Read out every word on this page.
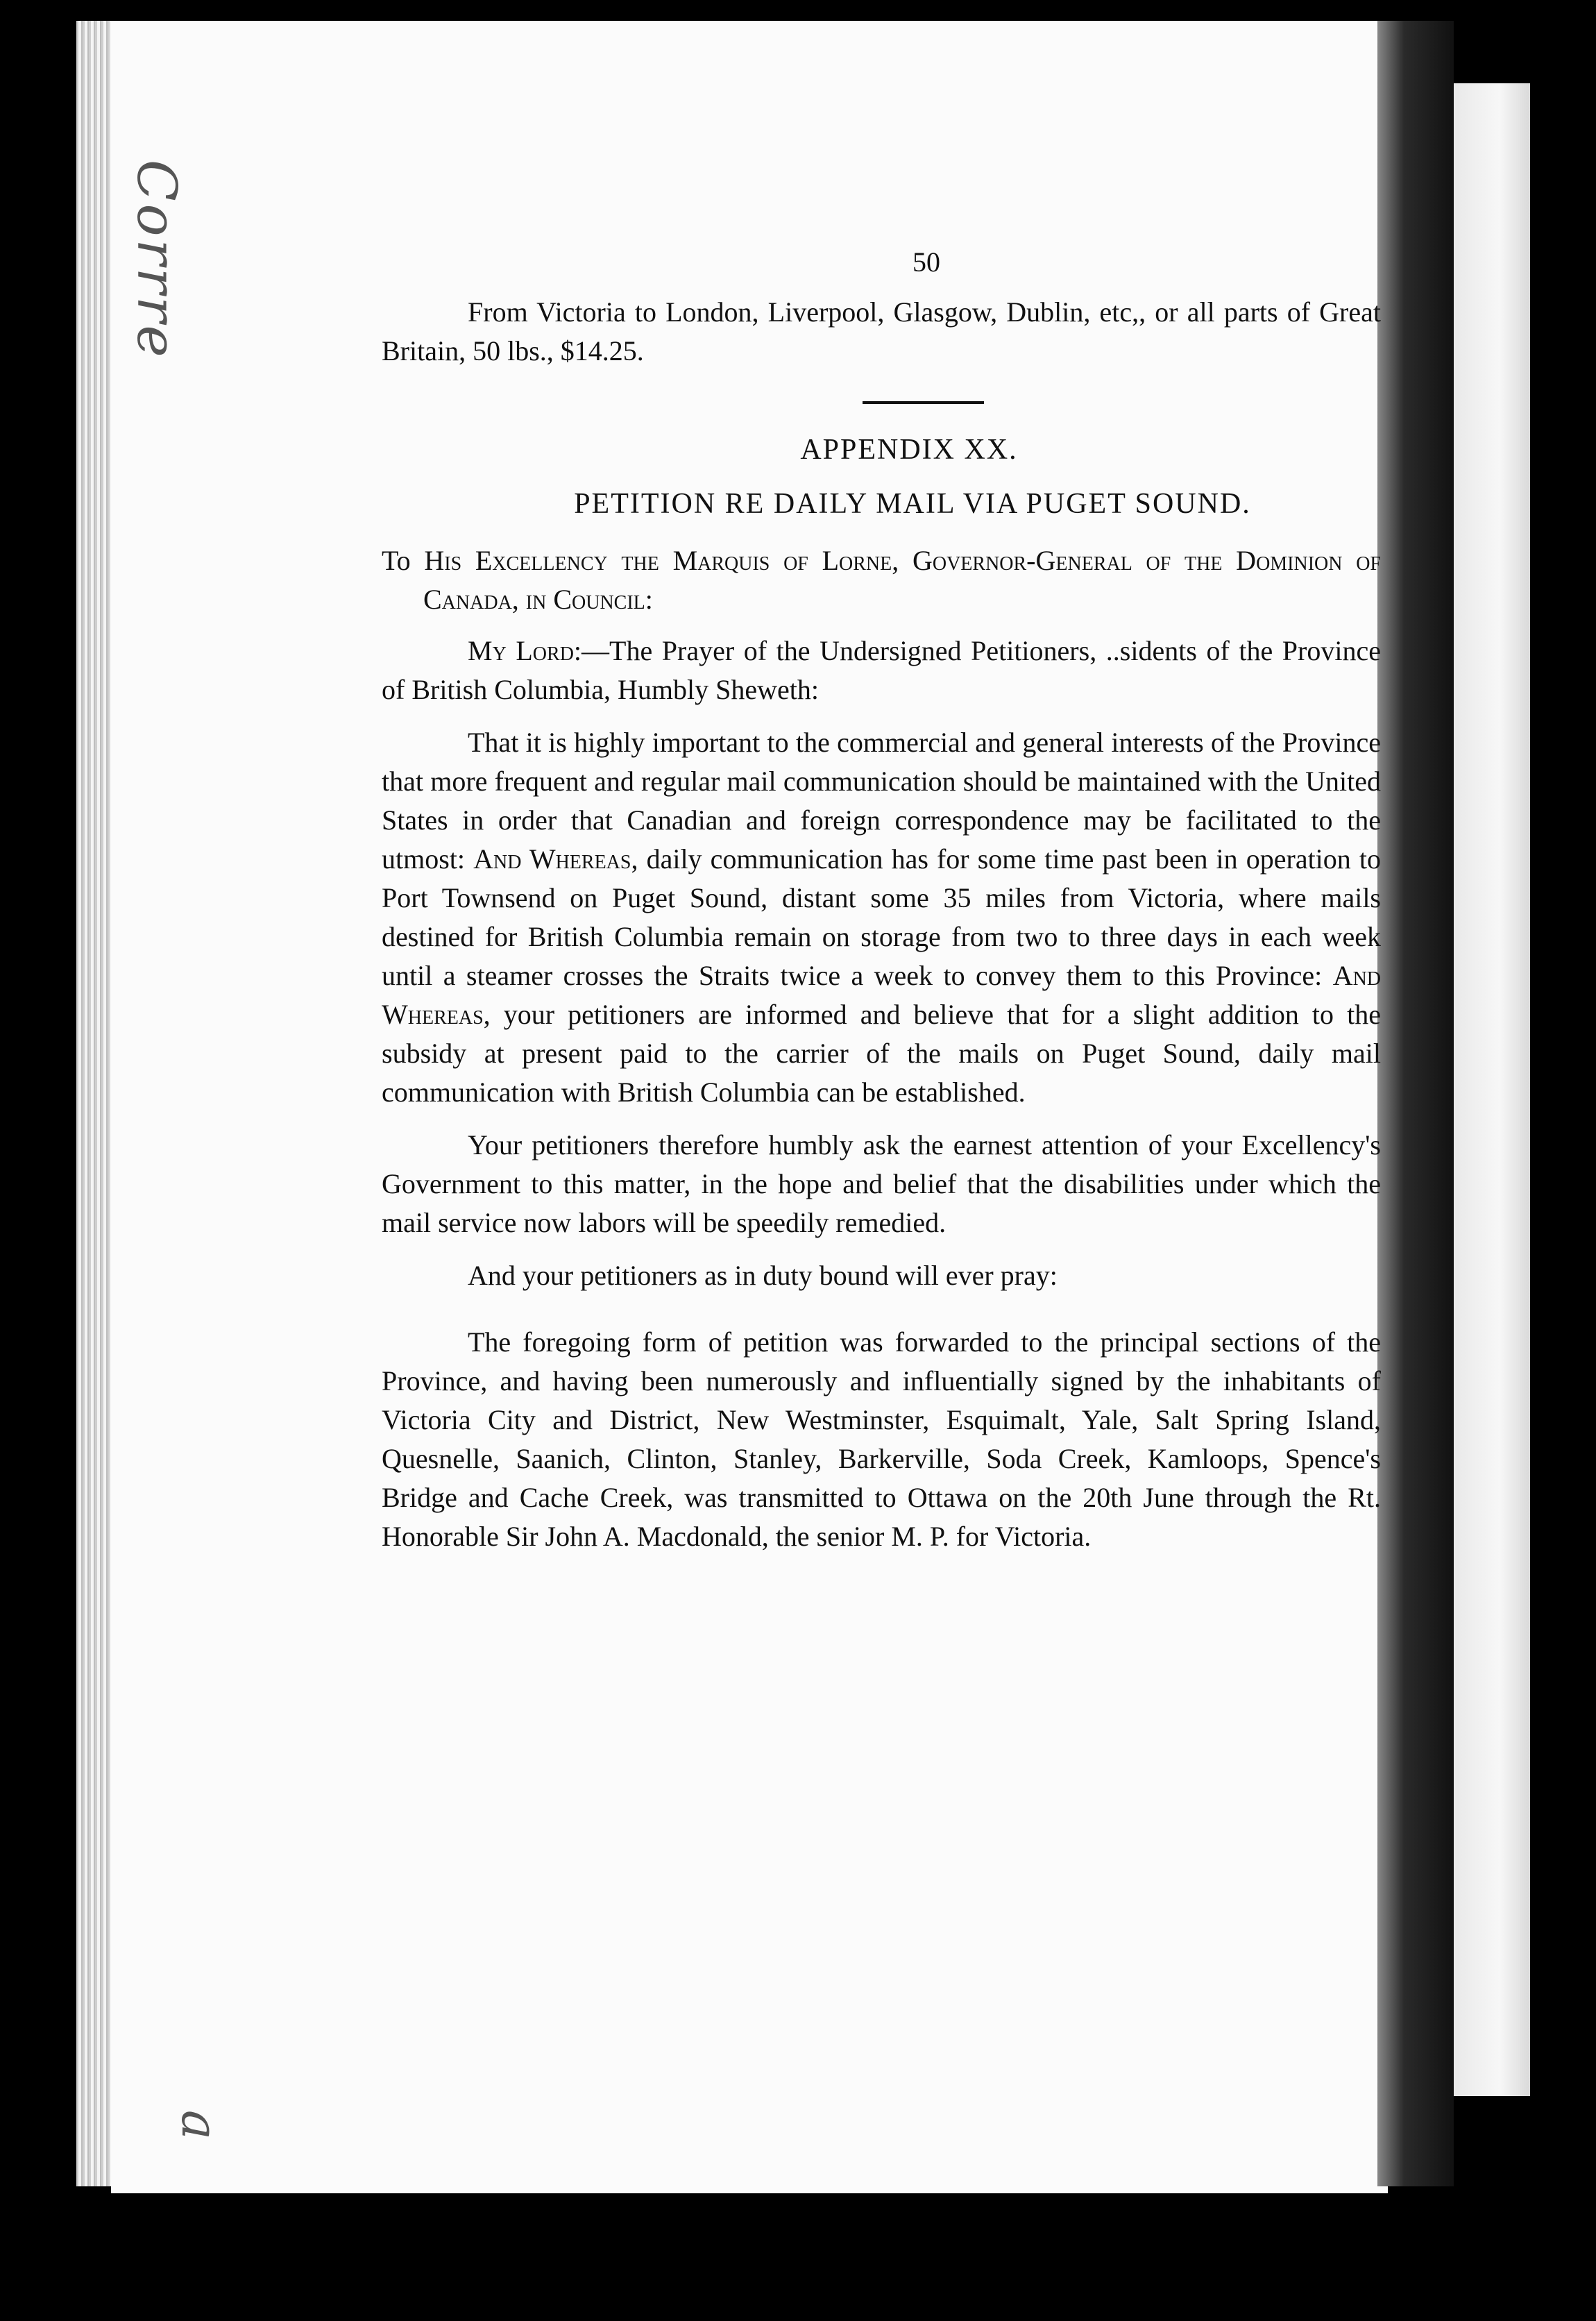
Corrre
a
50

From Victoria to London, Liverpool, Glasgow, Dublin, etc,, or all parts of Great Britain, 50 lbs., $14.25.

APPENDIX XX.
PETITION RE DAILY MAIL VIA PUGET SOUND.

To His Excellency the Marquis of Lorne, Governor-General of the Dominion of Canada, in Council:

My Lord:—The Prayer of the Undersigned Petitioners, ..sidents of the Province of British Columbia, Humbly Sheweth:

That it is highly important to the commercial and general interests of the Province that more frequent and regular mail communication should be maintained with the United States in order that Canadian and foreign correspondence may be facilitated to the utmost: And Whereas, daily communication has for some time past been in operation to Port Townsend on Puget Sound, distant some 35 miles from Victoria, where mails destined for British Columbia remain on storage from two to three days in each week until a steamer crosses the Straits twice a week to convey them to this Province: And Whereas, your petitioners are informed and believe that for a slight addition to the subsidy at present paid to the carrier of the mails on Puget Sound, daily mail communication with British Columbia can be established.

Your petitioners therefore humbly ask the earnest attention of your Excellency's Government to this matter, in the hope and belief that the disabilities under which the mail service now labors will be speedily remedied.

And your petitioners as in duty bound will ever pray:

The foregoing form of petition was forwarded to the principal sections of the Province, and having been numerously and influentially signed by the inhabitants of Victoria City and District, New Westminster, Esquimalt, Yale, Salt Spring Island, Quesnelle, Saanich, Clinton, Stanley, Barkerville, Soda Creek, Kamloops, Spence's Bridge and Cache Creek, was transmitted to Ottawa on the 20th June through the Rt. Honorable Sir John A. Macdonald, the senior M. P. for Victoria.
